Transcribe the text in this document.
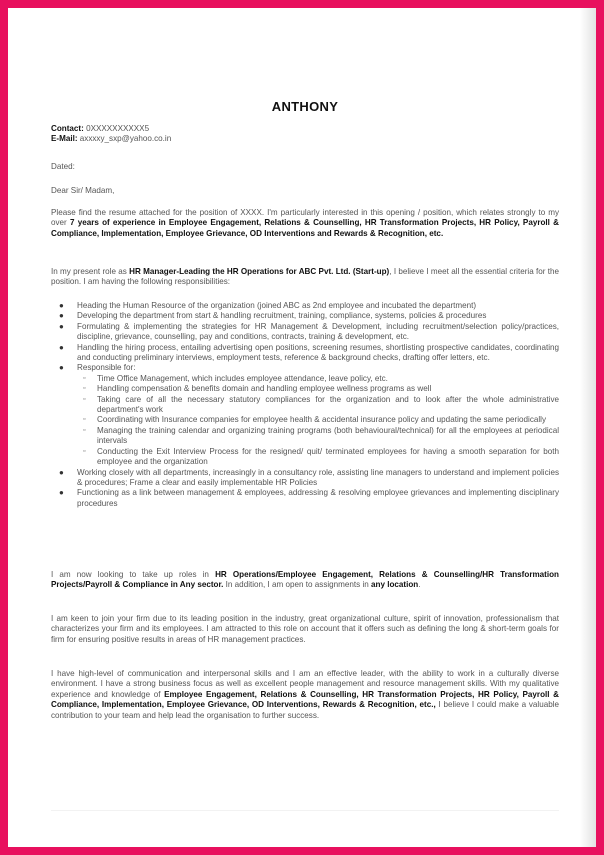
ANTHONY
Contact: 0XXXXXXXXXX5
E-Mail: axxxxy_sxp@yahoo.co.in
Dated:
Dear Sir/ Madam,
Please find the resume attached for the position of XXXX. I'm particularly interested in this opening / position, which relates strongly to my over 7 years of experience in Employee Engagement, Relations & Counselling, HR Transformation Projects, HR Policy, Payroll & Compliance, Implementation, Employee Grievance, OD Interventions and Rewards & Recognition, etc.
In my present role as HR Manager-Leading the HR Operations for ABC Pvt. Ltd. (Start-up), I believe I meet all the essential criteria for the position. I am having the following responsibilities:
● Heading the Human Resource of the organization (joined ABC as 2nd employee and incubated the department)
● Developing the department from start & handling recruitment, training, compliance, systems, policies & procedures
● Formulating & implementing the strategies for HR Management & Development, including recruitment/selection policy/practices, discipline, grievance, counselling, pay and conditions, contracts, training & development, etc.
● Handling the hiring process, entailing advertising open positions, screening resumes, shortlisting prospective candidates, coordinating and conducting preliminary interviews, employment tests, reference & background checks, drafting offer letters, etc.
● Responsible for:
▫ Time Office Management, which includes employee attendance, leave policy, etc.
▫ Handling compensation & benefits domain and handling employee wellness programs as well
▫ Taking care of all the necessary statutory compliances for the organization and to look after the whole administrative department's work
▫ Coordinating with Insurance companies for employee health & accidental insurance policy and updating the same periodically
▫ Managing the training calendar and organizing training programs (both behavioural/technical) for all the employees at periodical intervals
▫ Conducting the Exit Interview Process for the resigned/ quit/ terminated employees for having a smooth separation for both employee and the organization
● Working closely with all departments, increasingly in a consultancy role, assisting line managers to understand and implement policies & procedures; Frame a clear and easily implementable HR Policies
● Functioning as a link between management & employees, addressing & resolving employee grievances and implementing disciplinary procedures
I am now looking to take up roles in HR Operations/Employee Engagement, Relations & Counselling/HR Transformation Projects/Payroll & Compliance in Any sector. In addition, I am open to assignments in any location.
I am keen to join your firm due to its leading position in the industry, great organizational culture, spirit of innovation, professionalism that characterizes your firm and its employees. I am attracted to this role on account that it offers such as defining the long & short-term goals for firm for ensuring positive results in areas of HR management practices.
I have high-level of communication and interpersonal skills and I am an effective leader, with the ability to work in a culturally diverse environment. I have a strong business focus as well as excellent people management and resource management skills. With my qualitative experience and knowledge of Employee Engagement, Relations & Counselling, HR Transformation Projects, HR Policy, Payroll & Compliance, Implementation, Employee Grievance, OD Interventions, Rewards & Recognition, etc., I believe I could make a valuable contribution to your team and help lead the organisation to further success.
